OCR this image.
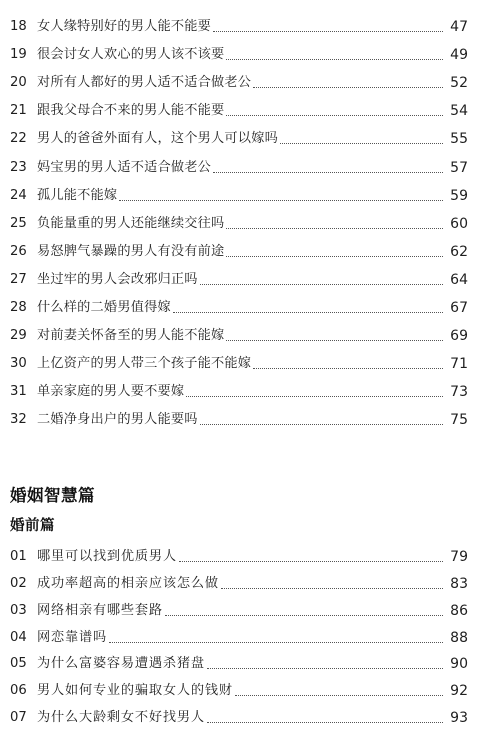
18 女人缘特别好的男人能不能要	47
19 很会讨女人欢心的男人该不该要	49
20 对所有人都好的男人适不适合做老公	52
21 跟我父母合不来的男人能不能要	54
22 男人的爸爸外面有人，这个男人可以嫁吗	55
23 妈宝男的男人适不适合做老公	57
24 孤儿能不能嫁	59
25 负能量重的男人还能继续交往吗	60
26 易怒脾气暴躁的男人有没有前途	62
27 坐过牢的男人会改邪归正吗	64
28 什么样的二婚男值得嫁	67
29 对前妻关怀备至的男人能不能嫁	69
30 上亿资产的男人带三个孩子能不能嫁	71
31 单亲家庭的男人要不要嫁	73
32 二婚净身出户的男人能要吗	75
婚姻智慧篇
婚前篇
01 哪里可以找到优质男人	79
02 成功率超高的相亲应该怎么做	83
03 网络相亲有哪些套路	86
04 网恋靠谱吗	88
05 为什么富婆容易遭遇杀猪盘	90
06 男人如何专业的骗取女人的钱财	92
07 为什么大龄剩女不好找男人	93
